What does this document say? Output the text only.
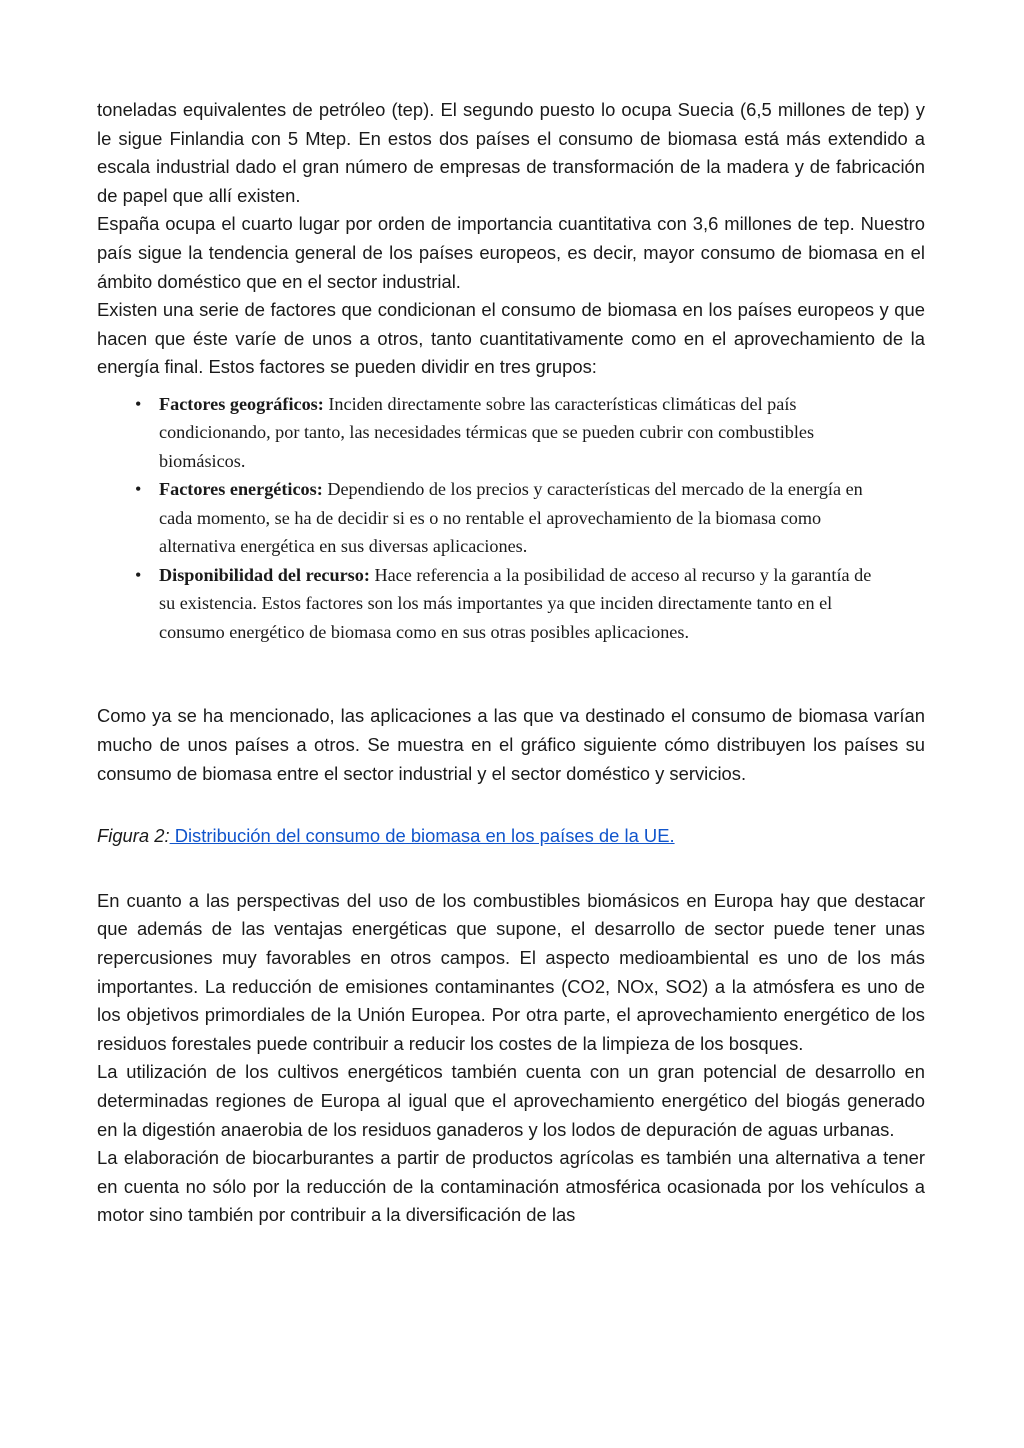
toneladas equivalentes de petróleo (tep). El segundo puesto lo ocupa Suecia (6,5 millones de tep) y le sigue Finlandia con 5 Mtep. En estos dos países el consumo de biomasa está más extendido a escala industrial dado el gran número de empresas de transformación de la madera y de fabricación de papel que allí existen.

España ocupa el cuarto lugar por orden de importancia cuantitativa con 3,6 millones de tep. Nuestro país sigue la tendencia general de los países europeos, es decir, mayor consumo de biomasa en el ámbito doméstico que en el sector industrial.

Existen una serie de factores que condicionan el consumo de biomasa en los países europeos y que hacen que éste varíe de unos a otros, tanto cuantitativamente como en el aprovechamiento de la energía final. Estos factores se pueden dividir en tres grupos:

• Factores geográficos: Inciden directamente sobre las características climáticas del país condicionando, por tanto, las necesidades térmicas que se pueden cubrir con combustibles biomásicos.
• Factores energéticos: Dependiendo de los precios y características del mercado de la energía en cada momento, se ha de decidir si es o no rentable el aprovechamiento de la biomasa como alternativa energética en sus diversas aplicaciones.
• Disponibilidad del recurso: Hace referencia a la posibilidad de acceso al recurso y la garantía de su existencia. Estos factores son los más importantes ya que inciden directamente tanto en el consumo energético de biomasa como en sus otras posibles aplicaciones.

Como ya se ha mencionado, las aplicaciones a las que va destinado el consumo de biomasa varían mucho de unos países a otros. Se muestra en el gráfico siguiente cómo distribuyen los países su consumo de biomasa entre el sector industrial y el sector doméstico y servicios.

Figura 2: Distribución del consumo de biomasa en los países de la UE.

En cuanto a las perspectivas del uso de los combustibles biomásicos en Europa hay que destacar que además de las ventajas energéticas que supone, el desarrollo de sector puede tener unas repercusiones muy favorables en otros campos. El aspecto medioambiental es uno de los más importantes. La reducción de emisiones contaminantes (CO2, NOx, SO2) a la atmósfera es uno de los objetivos primordiales de la Unión Europea. Por otra parte, el aprovechamiento energético de los residuos forestales puede contribuir a reducir los costes de la limpieza de los bosques.

La utilización de los cultivos energéticos también cuenta con un gran potencial de desarrollo en determinadas regiones de Europa al igual que el aprovechamiento energético del biogás generado en la digestión anaerobia de los residuos ganaderos y los lodos de depuración de aguas urbanas.

La elaboración de biocarburantes a partir de productos agrícolas es también una alternativa a tener en cuenta no sólo por la reducción de la contaminación atmosférica ocasionada por los vehículos a motor sino también por contribuir a la diversificación de las
